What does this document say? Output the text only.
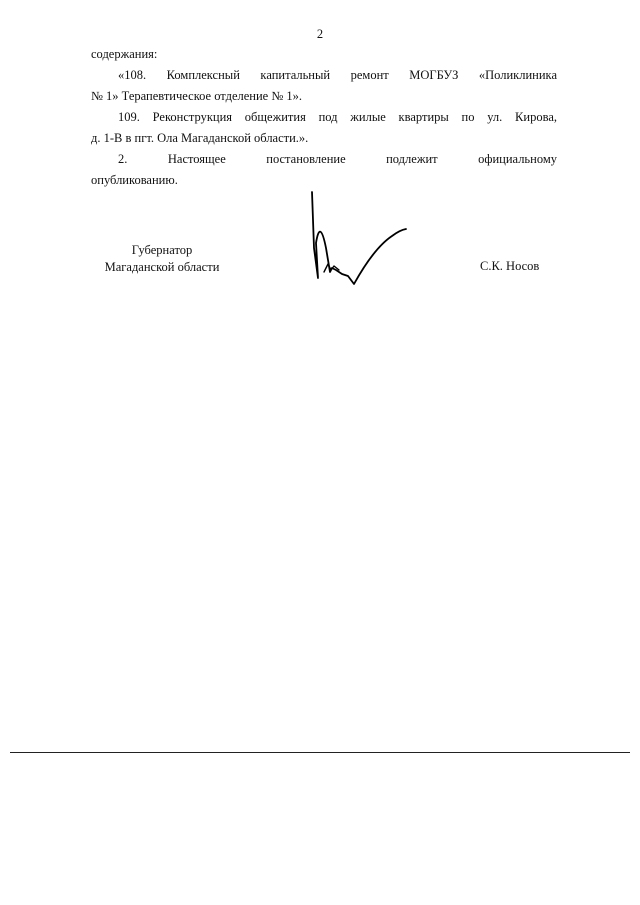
2
содержания:
«108. Комплексный капитальный ремонт МОГБУЗ «Поликлиника
№ 1» Терапевтическое отделение № 1».
109. Реконструкция общежития под жилые квартиры по ул. Кирова,
д. 1-В в пгт. Ола Магаданской области.».
2. Настоящее постановление подлежит официальному
опубликованию.
Губернатор
Магаданской области	С.К. Носов
